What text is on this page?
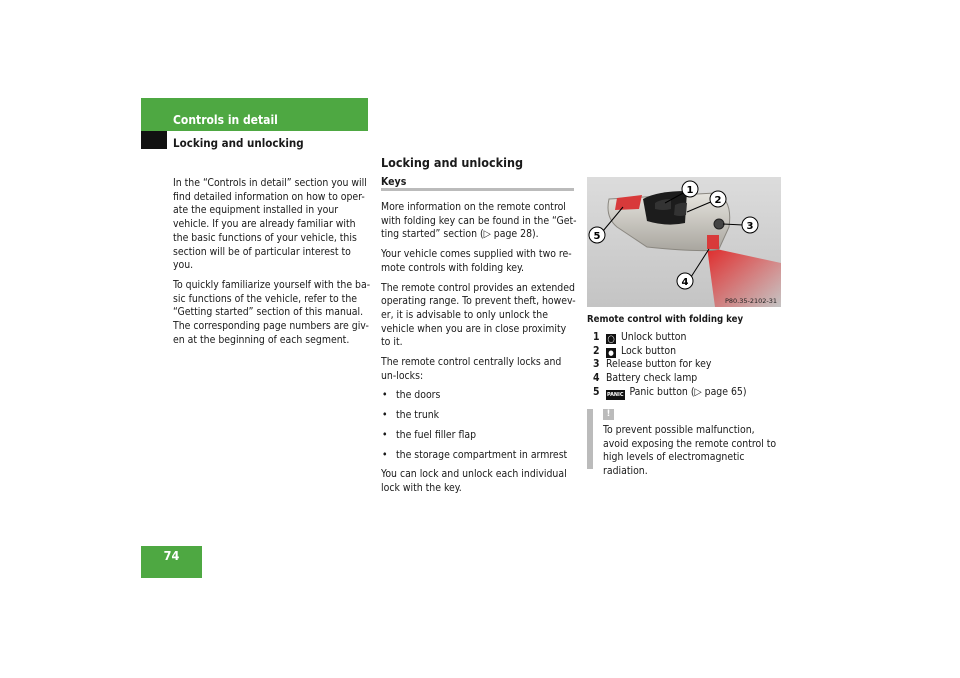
Controls in detail
Locking and unlocking

In the “Controls in detail” section you will find detailed information on how to oper-ate the equipment installed in your vehicle. If you are already familiar with the basic functions of your vehicle, this section will be of particular interest to you.

To quickly familiarize yourself with the ba-sic functions of the vehicle, refer to the “Getting started” section of this manual. The corresponding page numbers are giv-en at the beginning of each segment.

Locking and unlocking
Keys

More information on the remote control with folding key can be found in the “Get-ting started” section (▷ page 28).

Your vehicle comes supplied with two re-mote controls with folding key.

The remote control provides an extended operating range. To prevent theft, howev-er, it is advisable to only unlock the vehicle when you are in close proximity to it.

The remote control centrally locks and un-locks:

• the doors
• the trunk
• the fuel filler flap
• the storage compartment in armrest

You can lock and unlock each individual lock with the key.

1
2
3
4
5
P80.35-2102-31
Remote control with folding key
1 ◯ Unlock button
2 ● Lock button
3 Release button for key
4 Battery check lamp
5 PANIC Panic button (▷ page 65)
!
To prevent possible malfunction, avoid exposing the remote control to high levels of electromagnetic radiation.
74
